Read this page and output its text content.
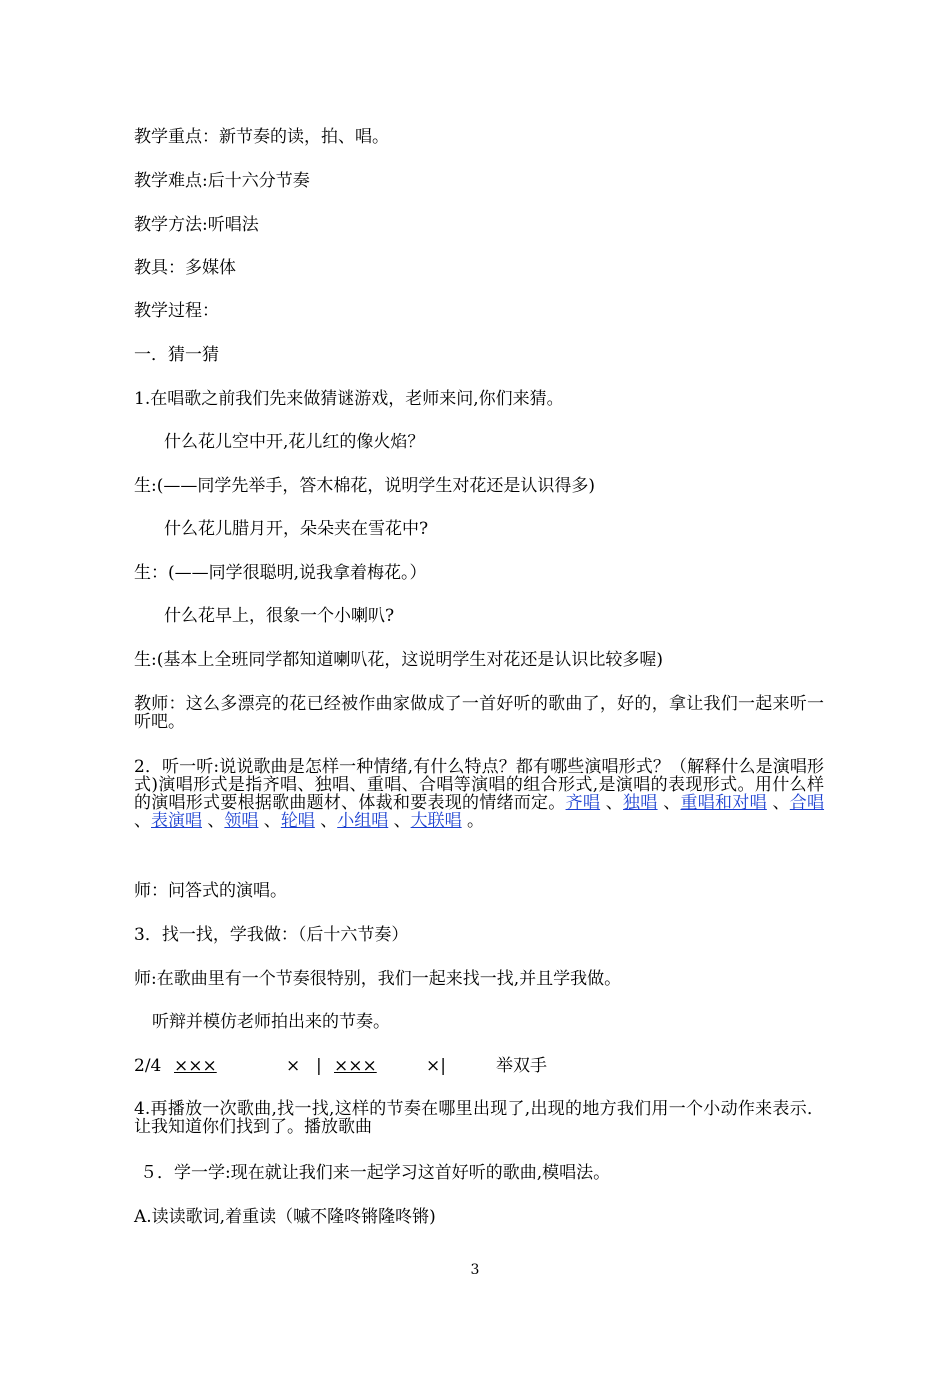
教学重点：新节奏的读，拍、唱。

教学难点:后十六分节奏

教学方法:听唱法

教具：多媒体

教学过程：

一．猜一猜

1.在唱歌之前我们先来做猜谜游戏，老师来问,你们来猜。

什么花儿空中开,花儿红的像火焰？

生:(——同学先举手，答木棉花，说明学生对花还是认识得多)

什么花儿腊月开，朵朵夹在雪花中?

生：(——同学很聪明,说我拿着梅花。）

什么花早上，很象一个小喇叭?

生:(基本上全班同学都知道喇叭花，这说明学生对花还是认识比较多喔)

教师：这么多漂亮的花已经被作曲家做成了一首好听的歌曲了，好的，拿让我们一起来听一听吧。

2．听一听:说说歌曲是怎样一种情绪,有什么特点？都有哪些演唱形式？（解释什么是演唱形式)演唱形式是指齐唱、独唱、重唱、合唱等演唱的组合形式,是演唱的表现形式。用什么样的演唱形式要根据歌曲题材、体裁和要表现的情绪而定。齐唱 、独唱 、重唱和对唱 、合唱 、表演唱 、领唱 、轮唱 、小组唱 、大联唱 。

师：问答式的演唱。

3．找一找，学我做：（后十六节奏）

师:在歌曲里有一个节奏很特别，我们一起来找一找,并且学我做。

听辩并模仿老师拍出来的节奏。

2/4 ×××	× | ×××	×|	举双手

4.再播放一次歌曲,找一找,这样的节奏在哪里出现了,出现的地方我们用一个小动作来表示．让我知道你们找到了。播放歌曲

５．学一学:现在就让我们来一起学习这首好听的歌曲,模唱法。

A.读读歌词,着重读（嘁不隆咚锵隆咚锵)

3
